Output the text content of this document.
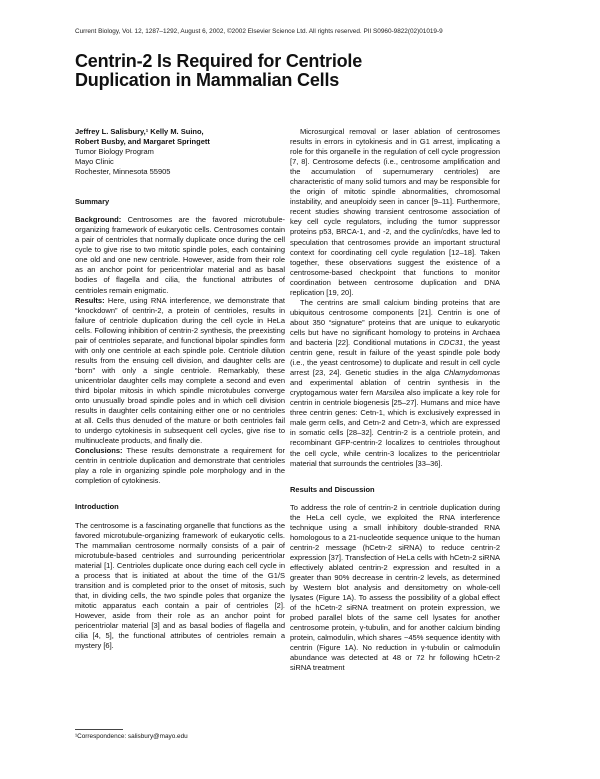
Current Biology, Vol. 12, 1287–1292, August 6, 2002, ©2002 Elsevier Science Ltd. All rights reserved. PII S0960-9822(02)01019-9
Centrin-2 Is Required for Centriole
Duplication in Mammalian Cells
Jeffrey L. Salisbury,¹ Kelly M. Suino,
Robert Busby, and Margaret Springett
Tumor Biology Program
Mayo Clinic
Rochester, Minnesota 55905
Summary

Background: Centrosomes are the favored microtubule-organizing framework of eukaryotic cells. Centrosomes contain a pair of centrioles that normally duplicate once during the cell cycle to give rise to two mitotic spindle poles, each containing one old and one new centriole. However, aside from their role as an anchor point for pericentriolar material and as basal bodies of flagella and cilia, the functional attributes of centrioles remain enigmatic.

Results: Here, using RNA interference, we demonstrate that “knockdown” of centrin-2, a protein of centrioles, results in failure of centriole duplication during the cell cycle in HeLa cells. Following inhibition of centrin-2 synthesis, the preexisting pair of centrioles separate, and functional bipolar spindles form with only one centriole at each spindle pole. Centriole dilution results from the ensuing cell division, and daughter cells are “born” with only a single centriole. Remarkably, these unicentriolar daughter cells may complete a second and even third bipolar mitosis in which spindle microtubules converge onto unusually broad spindle poles and in which cell division results in daughter cells containing either one or no centrioles at all. Cells thus denuded of the mature or both centrioles fail to undergo cytokinesis in subsequent cell cycles, give rise to multinucleate products, and finally die.

Conclusions: These results demonstrate a requirement for centrin in centriole duplication and demonstrate that centrioles play a role in organizing spindle pole morphology and in the completion of cytokinesis.

Introduction

The centrosome is a fascinating organelle that functions as the favored microtubule-organizing framework of eukaryotic cells. The mammalian centrosome normally consists of a pair of microtubule-based centrioles and surrounding pericentriolar material [1]. Centrioles duplicate once during each cell cycle in a process that is initiated at about the time of the G1/S transition and is completed prior to the onset of mitosis, such that, in dividing cells, the two spindle poles that organize the mitotic apparatus each contain a pair of centrioles [2]. However, aside from their role as an anchor point for pericentriolar material [3] and as basal bodies of flagella and cilia [4, 5], the functional attributes of centrioles remain a mystery [6].

¹Correspondence: salisbury@mayo.edu

Microsurgical removal or laser ablation of centrosomes results in errors in cytokinesis and in G1 arrest, implicating a role for this organelle in the regulation of cell cycle progression [7, 8]. Centrosome defects (i.e., centrosome amplification and the accumulation of supernumerary centrioles) are characteristic of many solid tumors and may be responsible for the origin of mitotic spindle abnormalities, chromosomal instability, and aneuploidy seen in cancer [9–11]. Furthermore, recent studies showing transient centrosome association of key cell cycle regulators, including the tumor suppressor proteins p53, BRCA-1, and -2, and the cyclin/cdks, have led to speculation that centrosomes provide an important structural context for coordinating cell cycle regulation [12–18]. Taken together, these observations suggest the existence of a centrosome-based checkpoint that functions to monitor coordination between centrosome duplication and DNA replication [19, 20].

The centrins are small calcium binding proteins that are ubiquitous centrosome components [21]. Centrin is one of about 350 “signature” proteins that are unique to eukaryotic cells but have no significant homology to proteins in Archaea and bacteria [22]. Conditional mutations in CDC31, the yeast centrin gene, result in failure of the yeast spindle pole body (i.e., the yeast centrosome) to duplicate and result in cell cycle arrest [23, 24]. Genetic studies in the alga Chlamydomonas and experimental ablation of centrin synthesis in the cryptogamous water fern Marsilea also implicate a key role for centrin in centriole biogenesis [25–27]. Humans and mice have three centrin genes: Cetn-1, which is exclusively expressed in male germ cells, and Cetn-2 and Cetn-3, which are expressed in somatic cells [28–32]. Centrin-2 is a centriole protein, and recombinant GFP-centrin-2 localizes to centrioles throughout the cell cycle, while centrin-3 localizes to the pericentriolar material that surrounds the centrioles [33–36].

Results and Discussion

To address the role of centrin-2 in centriole duplication during the HeLa cell cycle, we exploited the RNA interference technique using a small inhibitory double-stranded RNA homologous to a 21-nucleotide sequence unique to the human centrin-2 message (hCetn-2 siRNA) to reduce centrin-2 expression [37]. Transfection of HeLa cells with hCetn-2 siRNA effectively ablated centrin-2 expression and resulted in a greater than 90% decrease in centrin-2 levels, as determined by Western blot analysis and densitometry on whole-cell lysates (Figure 1A). To assess the possibility of a global effect of the hCetn-2 siRNA treatment on protein expression, we probed parallel blots of the same cell lysates for another centrosome protein, γ-tubulin, and for another calcium binding protein, calmodulin, which shares ~45% sequence identity with centrin (Figure 1A). No reduction in γ-tubulin or calmodulin abundance was detected at 48 or 72 hr following hCetn-2 siRNA treatment
